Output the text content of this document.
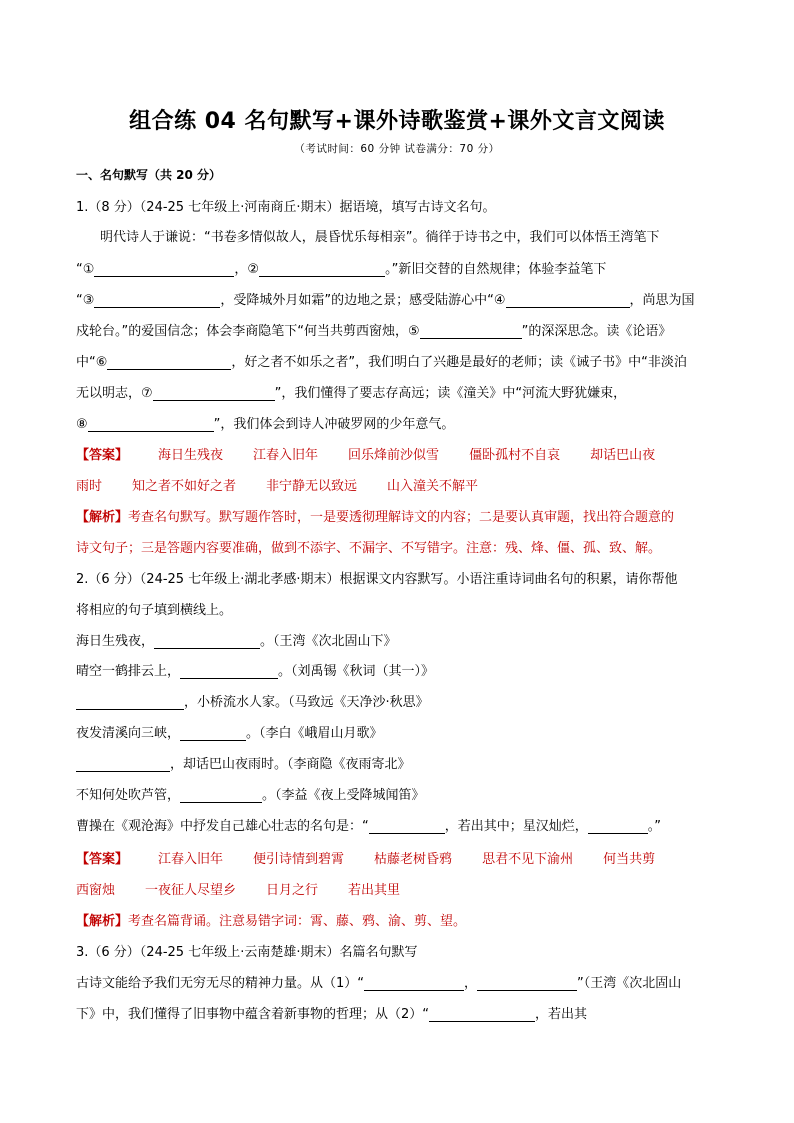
组合练 04 名句默写+课外诗歌鉴赏+课外文言文阅读
（考试时间：60 分钟 试卷满分：70 分）
一、名句默写（共 20 分）
1.（8 分）（24-25 七年级上·河南商丘·期末）据语境，填写古诗文名句。
明代诗人于谦说：“书卷多情似故人，晨昏忧乐每相亲”。徜徉于诗书之中，我们可以体悟王湾笔下
“①	，②	。”新旧交替的自然规律；体验李益笔下
“③	，受降城外月如霜”的边地之景；感受陆游心中“④	，尚思为国
戍轮台。”的爱国信念；体会李商隐笔下“何当共剪西窗烛，⑤	”的深深思念。读《论语》
中“⑥	，好之者不如乐之者”，我们明白了兴趣是最好的老师；读《诫子书》中“非淡泊
无以明志，⑦	”，我们懂得了要志存高远；读《潼关》中“河流大野犹嫌束，
⑧	”，我们体会到诗人冲破罗网的少年意气。
【答案】 海日生残夜 江春入旧年 回乐烽前沙似雪 僵卧孤村不自哀 却话巴山夜
雨时 知之者不如好之者 非宁静无以致远 山入潼关不解平
【解析】考查名句默写。默写题作答时，一是要透彻理解诗文的内容；二是要认真审题，找出符合题意的
诗文句子；三是答题内容要准确，做到不添字、不漏字、不写错字。注意：残、烽、僵、孤、致、解。
2.（6 分）（24-25 七年级上·湖北孝感·期末）根据课文内容默写。小语注重诗词曲名句的积累，请你帮他
将相应的句子填到横线上。
海日生残夜，	。（王湾《次北固山下》
晴空一鹤排云上，	。（刘禹锡《秋词（其一）》
，小桥流水人家。（马致远《天净沙·秋思》
夜发清溪向三峡，	。（李白《峨眉山月歌》
，却话巴山夜雨时。（李商隐《夜雨寄北》
不知何处吹芦管，	。（李益《夜上受降城闻笛》
曹操在《观沧海》中抒发自己雄心壮志的名句是：“	，若出其中；星汉灿烂，	。”
【答案】 江春入旧年 便引诗情到碧霄 枯藤老树昏鸦 思君不见下渝州 何当共剪
西窗烛 一夜征人尽望乡 日月之行 若出其里
【解析】考查名篇背诵。注意易错字词：霄、藤、鸦、渝、剪、望。
3.（6 分）（24-25 七年级上·云南楚雄·期末）名篇名句默写
古诗文能给予我们无穷无尽的精神力量。从（1）“	，	”（王湾《次北固山
下》中，我们懂得了旧事物中蕴含着新事物的哲理；从（2）“	，若出其
